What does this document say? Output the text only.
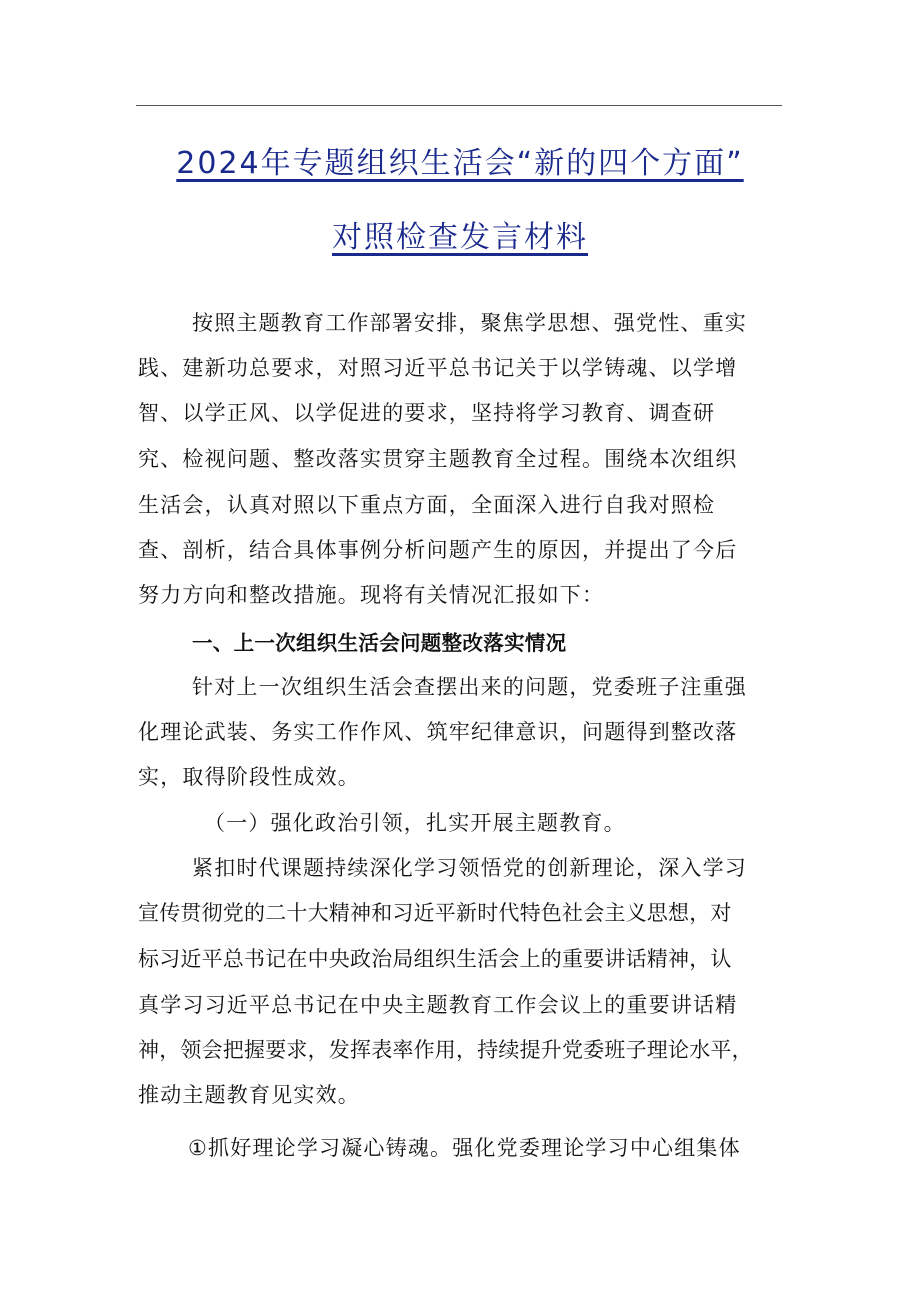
2024年专题组织生活会“新的四个方面”
对照检查发言材料
按照主题教育工作部署安排，聚焦学思想、强党性、重实
践、建新功总要求，对照习近平总书记关于以学铸魂、以学增
智、以学正风、以学促进的要求，坚持将学习教育、调查研
究、检视问题、整改落实贯穿主题教育全过程。围绕本次组织
生活会，认真对照以下重点方面，全面深入进行自我对照检
查、剖析，结合具体事例分析问题产生的原因，并提出了今后
努力方向和整改措施。现将有关情况汇报如下：
一、上一次组织生活会问题整改落实情况
针对上一次组织生活会查摆出来的问题，党委班子注重强
化理论武装、务实工作作风、筑牢纪律意识，问题得到整改落
实，取得阶段性成效。
（一）强化政治引领，扎实开展主题教育。
紧扣时代课题持续深化学习领悟党的创新理论，深入学习
宣传贯彻党的二十大精神和习近平新时代特色社会主义思想，对
标习近平总书记在中央政治局组织生活会上的重要讲话精神，认
真学习习近平总书记在中央主题教育工作会议上的重要讲话精
神，领会把握要求，发挥表率作用，持续提升党委班子理论水平，
推动主题教育见实效。
①抓好理论学习凝心铸魂。强化党委理论学习中心组集体
